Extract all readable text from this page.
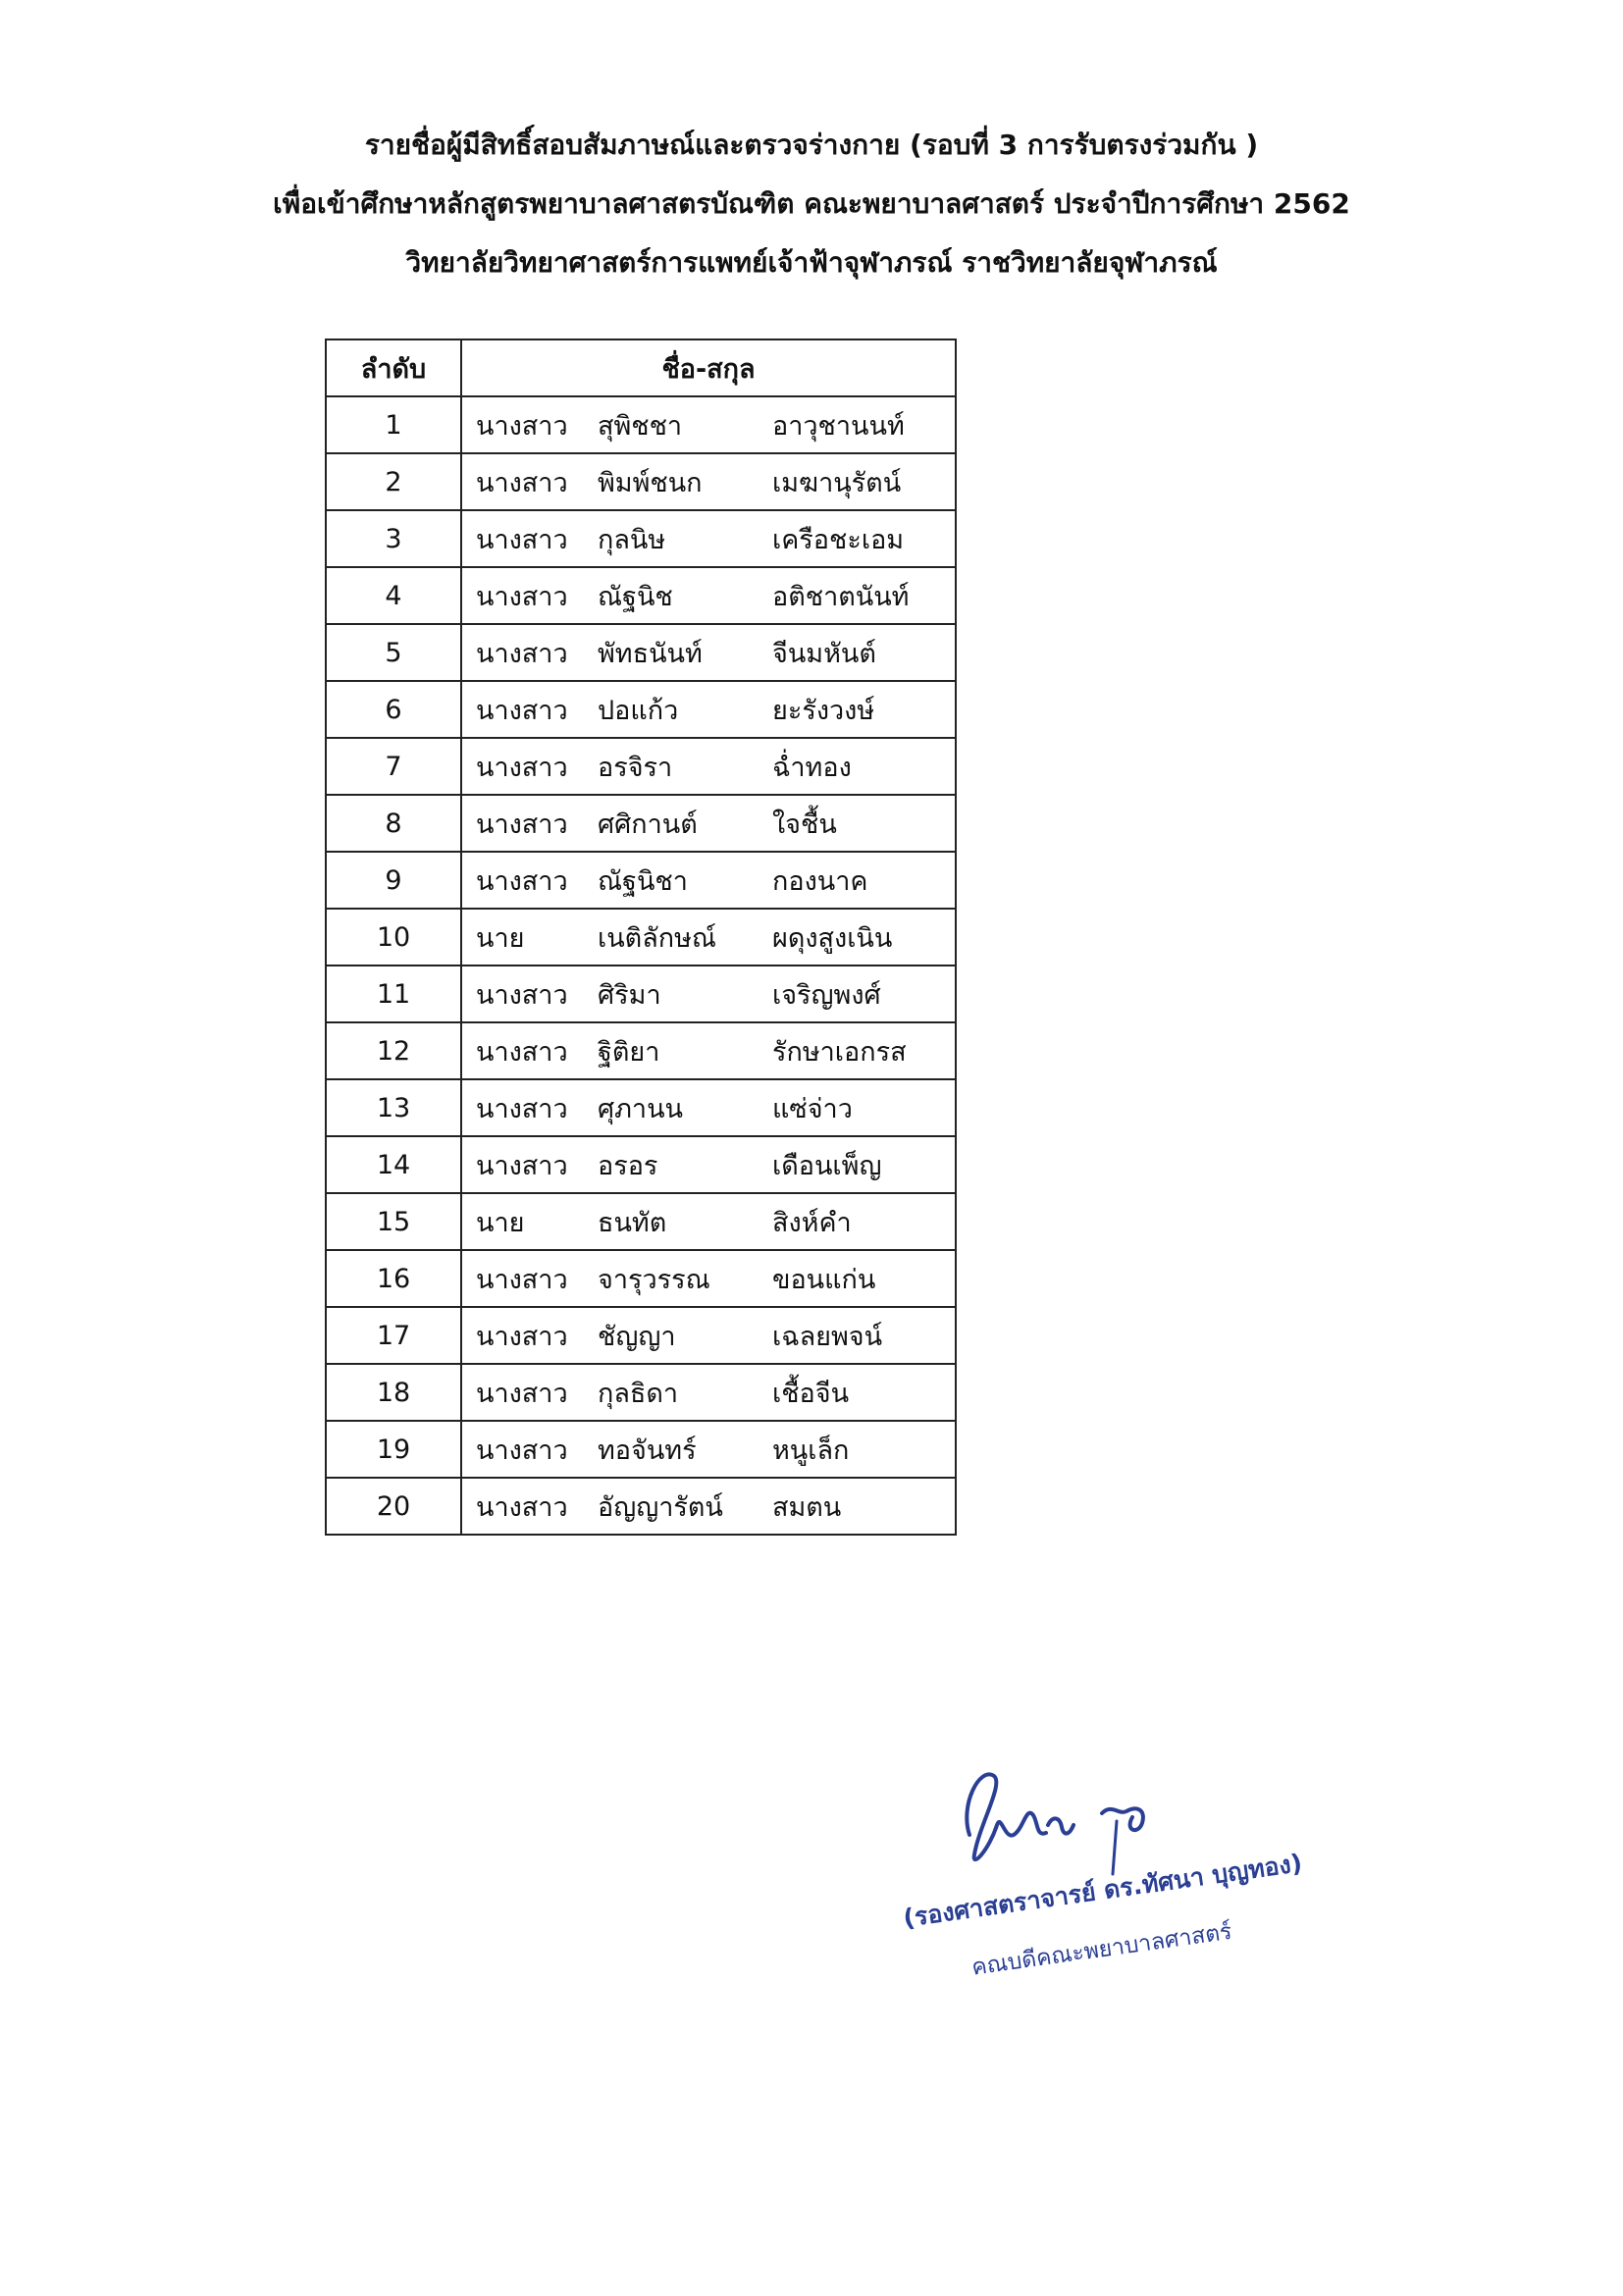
รายชื่อผู้มีสิทธิ์สอบสัมภาษณ์และตรวจร่างกาย (รอบที่ 3 การรับตรงร่วมกัน )
เพื่อเข้าศึกษาหลักสูตรพยาบาลศาสตรบัณฑิต คณะพยาบาลศาสตร์ ประจำปีการศึกษา 2562
วิทยาลัยวิทยาศาสตร์การแพทย์เจ้าฟ้าจุฬาภรณ์ ราชวิทยาลัยจุฬาภรณ์
ลำดับ	ชื่อ-สกุล
1	นางสาว สุพิชชา อาวุชานนท์
2	นางสาว พิมพ์ชนก เมฆานุรัตน์
3	นางสาว กุลนิษ เครือชะเอม
4	นางสาว ณัฐนิช อติชาตนันท์
5	นางสาว พัทธนันท์ จีนมหันต์
6	นางสาว ปอแก้ว ยะรังวงษ์
7	นางสาว อรจิรา ฉ่ำทอง
8	นางสาว ศศิกานต์ ใจชื้น
9	นางสาว ณัฐนิชา กองนาค
10	นาย เนติลักษณ์ ผดุงสูงเนิน
11	นางสาว ศิริมา เจริญพงศ์
12	นางสาว ฐิติยา รักษาเอกรส
13	นางสาว ศุภานน แซ่จ่าว
14	นางสาว อรอร เดือนเพ็ญ
15	นาย ธนทัต สิงห์คำ
16	นางสาว จารุวรรณ ขอนแก่น
17	นางสาว ชัญญา เฉลยพจน์
18	นางสาว กุลธิดา เชื้อจีน
19	นางสาว ทอจันทร์ หนูเล็ก
20	นางสาว อัญญารัตน์ สมตน
(รองศาสตราจารย์ ดร.ทัศนา บุญทอง)
คณบดีคณะพยาบาลศาสตร์
